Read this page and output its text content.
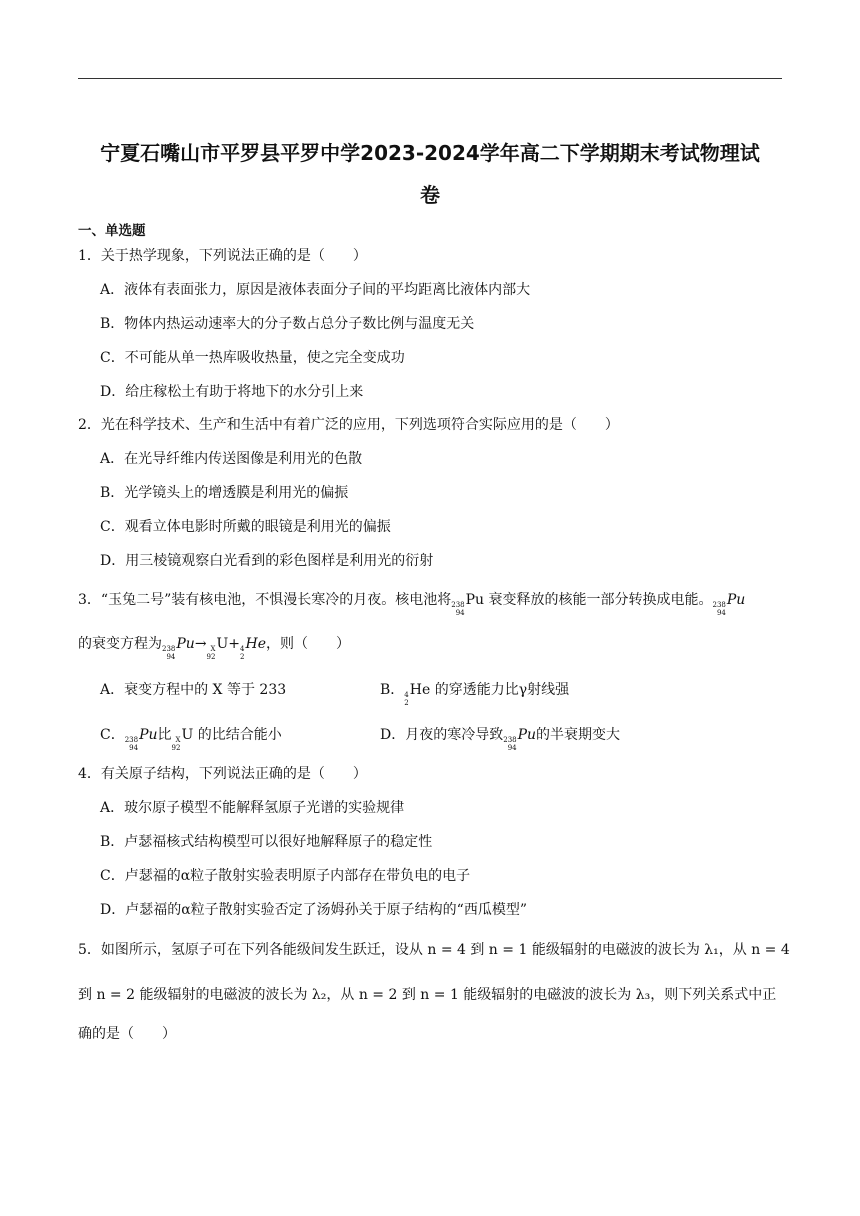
宁夏石嘴山市平罗县平罗中学2023-2024学年高二下学期期末考试物理试
卷
一、单选题
1．关于热学现象，下列说法正确的是（　　）
A．液体有表面张力，原因是液体表面分子间的平均距离比液体内部大
B．物体内热运动速率大的分子数占总分子数比例与温度无关
C．不可能从单一热库吸收热量，使之完全变成功
D．给庄稼松土有助于将地下的水分引上来
2．光在科学技术、生产和生活中有着广泛的应用，下列选项符合实际应用的是（　　）
A．在光导纤维内传送图像是利用光的色散
B．光学镜头上的增透膜是利用光的偏振
C．观看立体电影时所戴的眼镜是利用光的偏振
D．用三棱镜观察白光看到的彩色图样是利用光的衍射
3．“玉兔二号”装有核电池，不惧漫长寒冷的月夜。核电池将 238
94
Pu 衰变释放的核能一部分转换成电能。 238
94
Pu
的衰变方程为 238
94
Pu→ X
92
U+ 4
2
He，则（　　）
A．衰变方程中的 X 等于 233	B． 4
2
He 的穿透能力比γ射线强
C． 238
94
Pu比 X
92
U 的比结合能小	D．月夜的寒冷导致 238
94
Pu的半衰期变大
4．有关原子结构，下列说法正确的是（　　）
A．玻尔原子模型不能解释氢原子光谱的实验规律
B．卢瑟福核式结构模型可以很好地解释原子的稳定性
C．卢瑟福的α粒子散射实验表明原子内部存在带负电的电子
D．卢瑟福的α粒子散射实验否定了汤姆孙关于原子结构的“西瓜模型”
5．如图所示，氢原子可在下列各能级间发生跃迁，设从 n = 4 到 n = 1 能级辐射的电磁波的波长为 λ₁，从 n = 4
到 n = 2 能级辐射的电磁波的波长为 λ₂，从 n = 2 到 n = 1 能级辐射的电磁波的波长为 λ₃，则下列关系式中正
确的是（　　）
